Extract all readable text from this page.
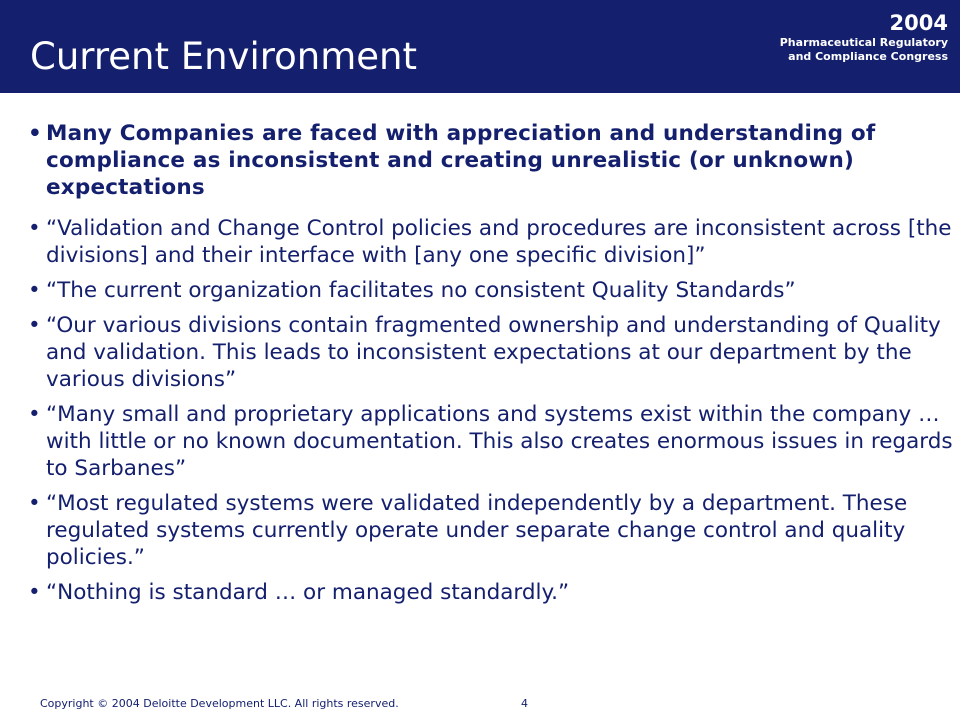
Current Environment
2004
Pharmaceutical Regulatory
and Compliance Congress
• Many Companies are faced with appreciation and understanding of compliance as inconsistent and creating unrealistic (or unknown) expectations
• “Validation and Change Control policies and procedures are inconsistent across [the divisions] and their interface with [any one specific division]”
• “The current organization facilitates no consistent Quality Standards”
• “Our various divisions contain fragmented ownership and understanding of Quality and validation. This leads to inconsistent expectations at our department by the various divisions”
• “Many small and proprietary applications and systems exist within the company … with little or no known documentation. This also creates enormous issues in regards to Sarbanes”
• “Most regulated systems were validated independently by a department. These regulated systems currently operate under separate change control and quality policies.”
• “Nothing is standard … or managed standardly.”
Copyright © 2004 Deloitte Development LLC. All rights reserved.	4
